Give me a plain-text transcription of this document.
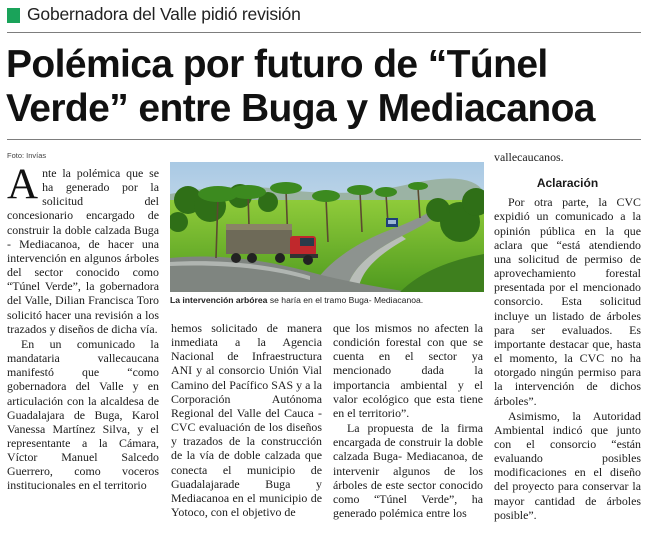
Gobernadora del Valle pidió revisión
Polémica por futuro de “Túnel Verde” entre Buga y Mediacanoa
Foto: Invías

Ante la polémica que se ha generado por la solicitud del concesionario encargado de construir la doble calzada Buga - Mediacanoa, de hacer una intervención en algunos árboles del sector conocido como “Túnel Verde”, la gobernadora del Valle, Dilian Francisca Toro solicitó hacer una revisión a los trazados y diseños de dicha vía.

En un comunicado la mandataria vallecaucana manifestó que “como gobernadora del Valle y en articulación con la alcaldesa de Guadalajara de Buga, Karol Vanessa Martínez Silva, y el representante a la Cámara, Víctor Manuel Salcedo Guerrero, como voceros institucionales en el territorio

La intervención arbórea se haría en el tramo Buga- Mediacanoa.

hemos solicitado de manera inmediata a la Agencia Nacional de Infraestructura ANI y al consorcio Unión Vial Camino del Pacífico SAS y a la Corporación Autónoma Regional del Valle del Cauca - CVC evaluación de los diseños y trazados de la construcción de la vía de doble calzada que conecta el municipio de Guadalajarade Buga y Mediacanoa en el municipio de Yotoco, con el objetivo de

que los mismos no afecten la condición forestal con que se cuenta en el sector ya mencionado dada la importancia ambiental y el valor ecológico que esta tiene en el territorio”.

La propuesta de la firma encargada de construir la doble calzada Buga- Mediacanoa, de intervenir algunos de los árboles de este sector conocido como “Túnel Verde”, ha generado polémica entre los

vallecaucanos.

Aclaración

Por otra parte, la CVC expidió un comunicado a la opinión pública en la que aclara que “está atendiendo una solicitud de permiso de aprovechamiento forestal presentada por el mencionado consorcio. Esta solicitud incluye un listado de árboles para ser evaluados. Es importante destacar que, hasta el momento, la CVC no ha otorgado ningún permiso para la intervención de dichos árboles”.

Asimismo, la Autoridad Ambiental indicó que junto con el consorcio “están evaluando posibles modificaciones en el diseño del proyecto para conservar la mayor cantidad de árboles posible”.
